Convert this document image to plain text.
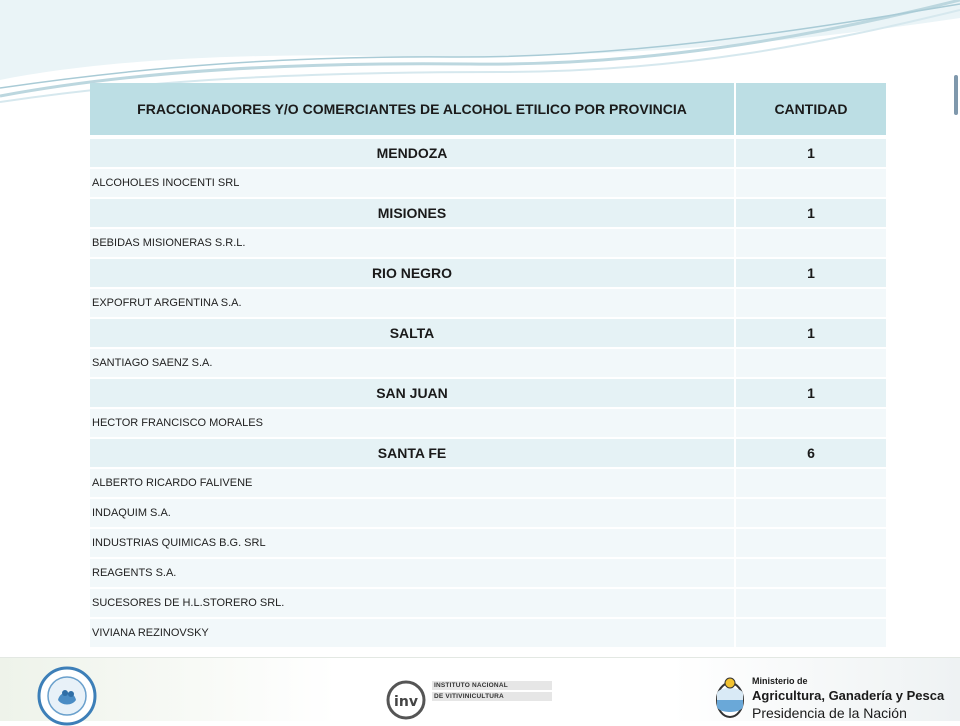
FRACCIONADORES Y/O COMERCIANTES DE ALCOHOL ETILICO POR PROVINCIA	CANTIDAD
MENDOZA	1
ALCOHOLES INOCENTI SRL	
MISIONES	1
BEBIDAS MISIONERAS S.R.L.	
RIO NEGRO	1
EXPOFRUT ARGENTINA S.A.	
SALTA	1
SANTIAGO SAENZ S.A.	
SAN JUAN	1
HECTOR FRANCISCO MORALES	
SANTA FE	6
ALBERTO RICARDO FALIVENE	
INDAQUIM S.A.	
INDUSTRIAS QUIMICAS B.G. SRL	
REAGENTS S.A.	
SUCESORES DE H.L.STORERO SRL.	
VIVIANA REZINOVSKY	
inv
INSTITUTO NACIONAL
DE VITIVINICULTURA
Ministerio de
Agricultura, Ganadería y Pesca
Presidencia de la Nación
